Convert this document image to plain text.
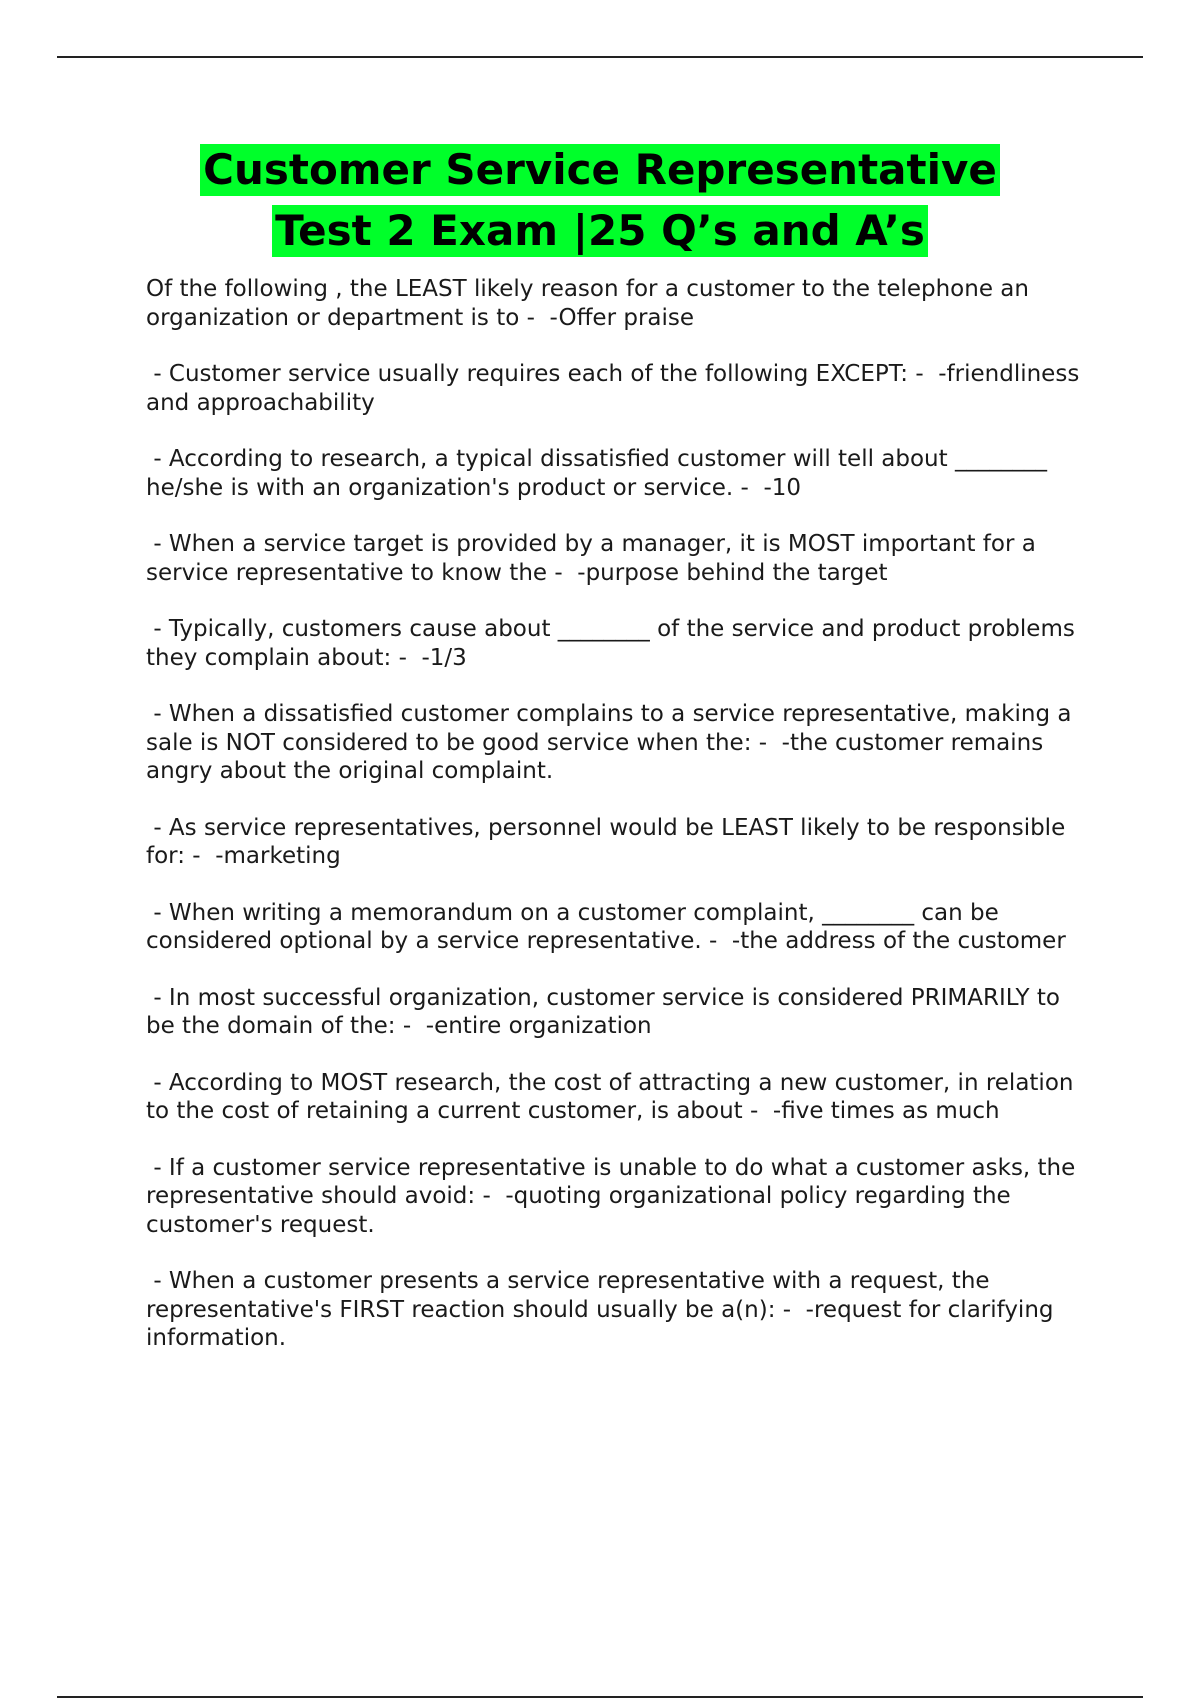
Customer Service Representative
Test 2 Exam |25 Q’s and A’s

Of the following , the LEAST likely reason for a customer to the telephone an organization or department is to -  -Offer praise

- Customer service usually requires each of the following EXCEPT: -  -friendliness and approachability

- According to research, a typical dissatisfied customer will tell about ________ he/she is with an organization's product or service. -  -10

- When a service target is provided by a manager, it is MOST important for a service representative to know the -  -purpose behind the target

- Typically, customers cause about ________ of the service and product problems they complain about: -  -1/3

- When a dissatisfied customer complains to a service representative, making a sale is NOT considered to be good service when the: -  -the customer remains angry about the original complaint.

- As service representatives, personnel would be LEAST likely to be responsible for: -  -marketing

- When writing a memorandum on a customer complaint, ________ can be considered optional by a service representative. -  -the address of the customer

- In most successful organization, customer service is considered PRIMARILY to be the domain of the: -  -entire organization

- According to MOST research, the cost of attracting a new customer, in relation to the cost of retaining a current customer, is about -  -five times as much

- If a customer service representative is unable to do what a customer asks, the representative should avoid: -  -quoting organizational policy regarding the customer's request.

- When a customer presents a service representative with a request, the representative's FIRST reaction should usually be a(n): -  -request for clarifying information.
